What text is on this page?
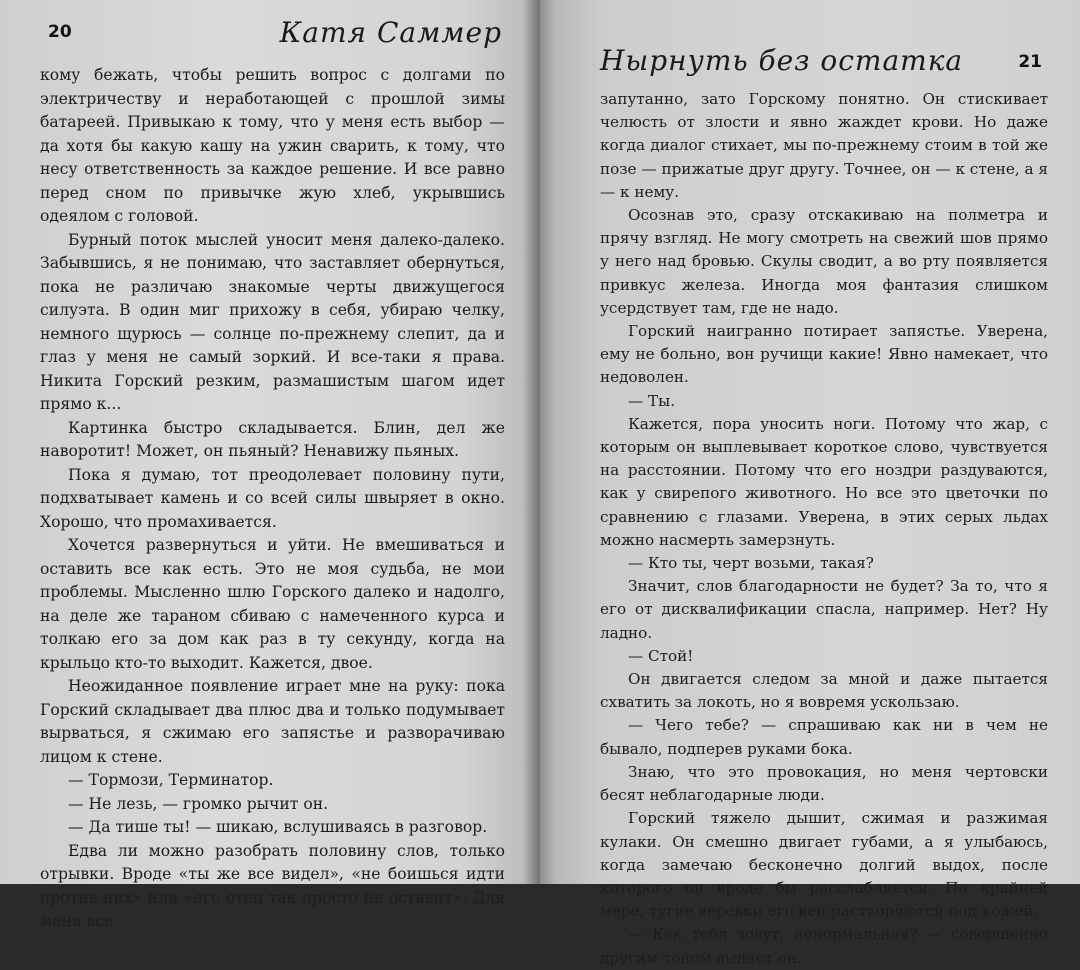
20	Катя Саммер

кому бежать, чтобы решить вопрос с долгами по электричеству и неработающей с прошлой зимы батареей. Привыкаю к тому, что у меня есть выбор — да хотя бы какую кашу на ужин сварить, к тому, что несу ответственность за каждое решение. И все равно перед сном по привычке жую хлеб, укрывшись одеялом с головой.

Бурный поток мыслей уносит меня далеко-далеко. Забывшись, я не понимаю, что заставляет обернуться, пока не различаю знакомые черты движущегося силуэта. В один миг прихожу в себя, убираю челку, немного щурюсь — солнце по-прежнему слепит, да и глаз у меня не самый зоркий. И все-таки я права. Никита Горский резким, размашистым шагом идет прямо к...

Картинка быстро складывается. Блин, дел же наворотит! Может, он пьяный? Ненавижу пьяных.

Пока я думаю, тот преодолевает половину пути, подхватывает камень и со всей силы швыряет в окно. Хорошо, что промахивается.

Хочется развернуться и уйти. Не вмешиваться и оставить все как есть. Это не моя судьба, не мои проблемы. Мысленно шлю Горского далеко и надолго, на деле же тараном сбиваю с намеченного курса и толкаю его за дом как раз в ту секунду, когда на крыльцо кто-то выходит. Кажется, двое.

Неожиданное появление играет мне на руку: пока Горский складывает два плюс два и только подумывает вырваться, я сжимаю его запястье и разворачиваю лицом к стене.

— Тормози, Терминатор.

— Не лезь, — громко рычит он.

— Да тише ты! — шикаю, вслушиваясь в разговор.

Едва ли можно разобрать половину слов, только отрывки. Вроде «ты же все видел», «не боишься идти против них» или «его отец так просто не оставит». Для меня все

Нырнуть без остатка	21

запутанно, зато Горскому понятно. Он стискивает челюсть от злости и явно жаждет крови. Но даже когда диалог стихает, мы по-прежнему стоим в той же позе — прижатые друг другу. Точнее, он — к стене, а я — к нему.

Осознав это, сразу отскакиваю на полметра и прячу взгляд. Не могу смотреть на свежий шов прямо у него над бровью. Скулы сводит, а во рту появляется привкус железа. Иногда моя фантазия слишком усердствует там, где не надо.

Горский наигранно потирает запястье. Уверена, ему не больно, вон ручищи какие! Явно намекает, что недоволен.

— Ты.

Кажется, пора уносить ноги. Потому что жар, с которым он выплевывает короткое слово, чувствуется на расстоянии. Потому что его ноздри раздуваются, как у свирепого животного. Но все это цветочки по сравнению с глазами. Уверена, в этих серых льдах можно насмерть замерзнуть.

— Кто ты, черт возьми, такая?

Значит, слов благодарности не будет? За то, что я его от дисквалификации спасла, например. Нет? Ну ладно.

— Стой!

Он двигается следом за мной и даже пытается схватить за локоть, но я вовремя ускользаю.

— Чего тебе? — спрашиваю как ни в чем не бывало, подперев руками бока.

Знаю, что это провокация, но меня чертовски бесят неблагодарные люди.

Горский тяжело дышит, сжимая и разжимая кулаки. Он смешно двигает губами, а я улыбаюсь, когда замечаю бесконечно долгий выдох, после которого он вроде бы расслабляется. По крайней мере, тугие веревки его вен растворяются под кожей.

— Как тебя зовут, ненормальная? — совершенно другим тоном выдает он.
